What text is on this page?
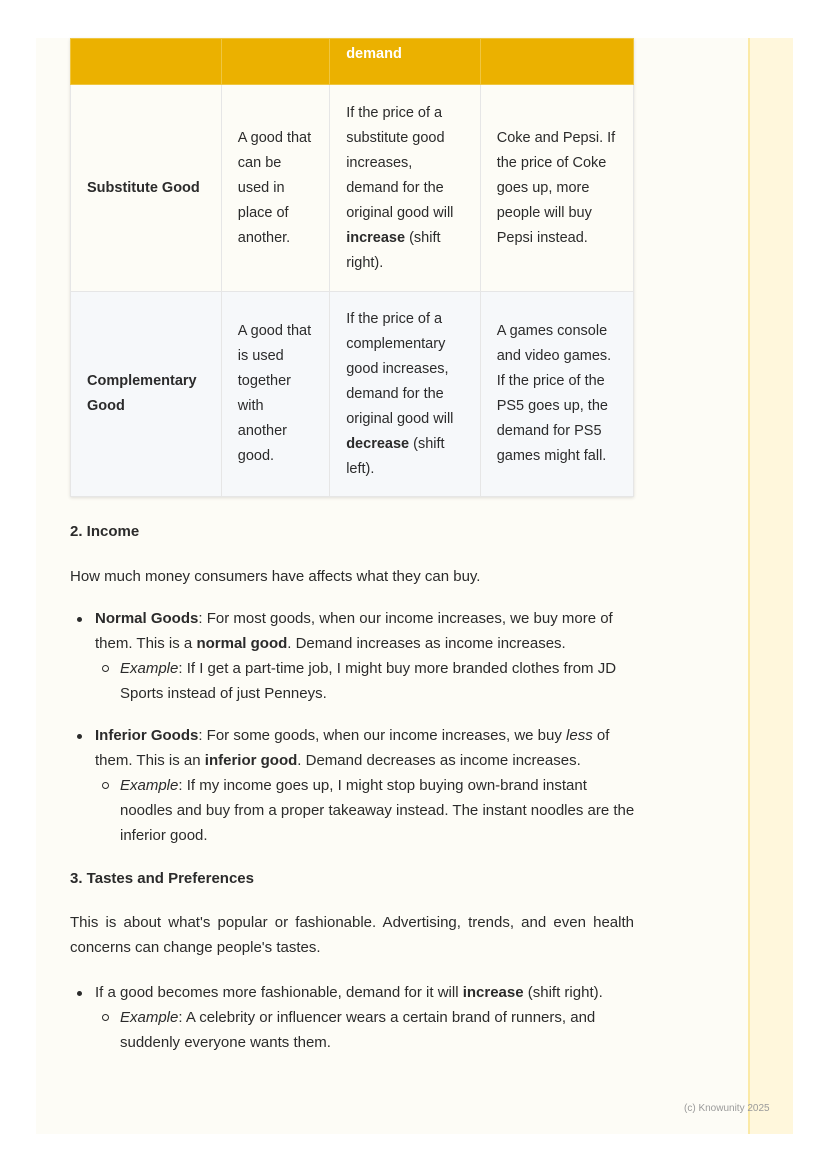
		demand	
Substitute Good	A good that can be used in place of another.	If the price of a substitute good increases, demand for the original good will increase (shift right).	Coke and Pepsi. If the price of Coke goes up, more people will buy Pepsi instead.
Complementary Good	A good that is used together with another good.	If the price of a complementary good increases, demand for the original good will decrease (shift left).	A games console and video games. If the price of the PS5 goes up, the demand for PS5 games might fall.
2. Income

How much money consumers have affects what they can buy.

Normal Goods: For most goods, when our income increases, we buy more of them. This is a normal good. Demand increases as income increases.
Example: If I get a part-time job, I might buy more branded clothes from JD Sports instead of just Penneys.
Inferior Goods: For some goods, when our income increases, we buy less of them. This is an inferior good. Demand decreases as income increases.
Example: If my income goes up, I might stop buying own-brand instant noodles and buy from a proper takeaway instead. The instant noodles are the inferior good.
3. Tastes and Preferences

This is about what's popular or fashionable. Advertising, trends, and even health concerns can change people's tastes.

If a good becomes more fashionable, demand for it will increase (shift right).
Example: A celebrity or influencer wears a certain brand of runners, and suddenly everyone wants them.
(c) Knowunity 2025
